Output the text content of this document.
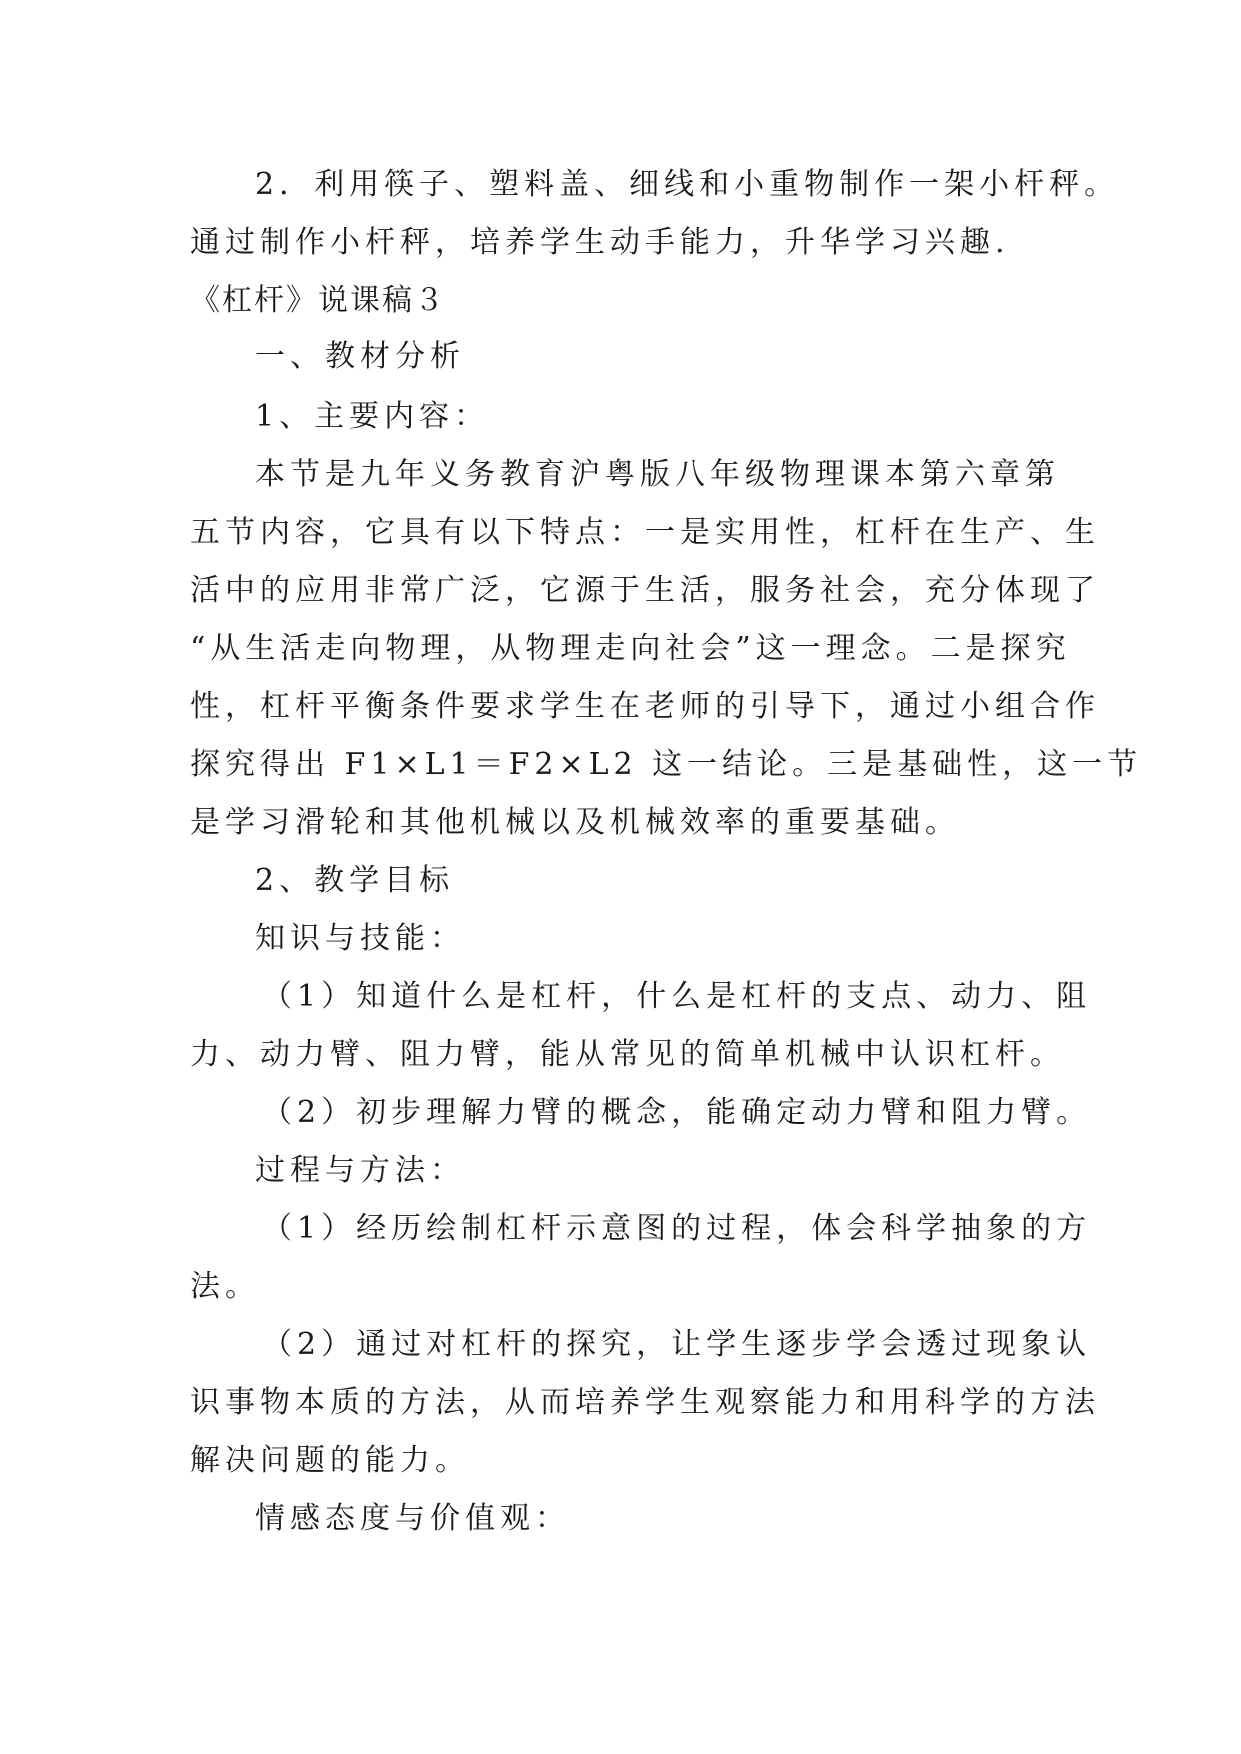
2．利用筷子、塑料盖、细线和小重物制作一架小杆秤。
通过制作小杆秤，培养学生动手能力，升华学习兴趣.
《杠杆》说课稿３
一、教材分析
1、主要内容：
本节是九年义务教育沪粤版八年级物理课本第六章第
五节内容，它具有以下特点：一是实用性，杠杆在生产、生
活中的应用非常广泛，它源于生活，服务社会，充分体现了
“从生活走向物理，从物理走向社会”这一理念。二是探究
性，杠杆平衡条件要求学生在老师的引导下，通过小组合作
探究得出 F1×L1＝F2×L2 这一结论。三是基础性，这一节
是学习滑轮和其他机械以及机械效率的重要基础。
2、教学目标
知识与技能：
（1）知道什么是杠杆，什么是杠杆的支点、动力、阻
力、动力臂、阻力臂，能从常见的简单机械中认识杠杆。
（2）初步理解力臂的概念，能确定动力臂和阻力臂。
过程与方法：
（1）经历绘制杠杆示意图的过程，体会科学抽象的方
法。
（2）通过对杠杆的探究，让学生逐步学会透过现象认
识事物本质的方法，从而培养学生观察能力和用科学的方法
解决问题的能力。
情感态度与价值观：
